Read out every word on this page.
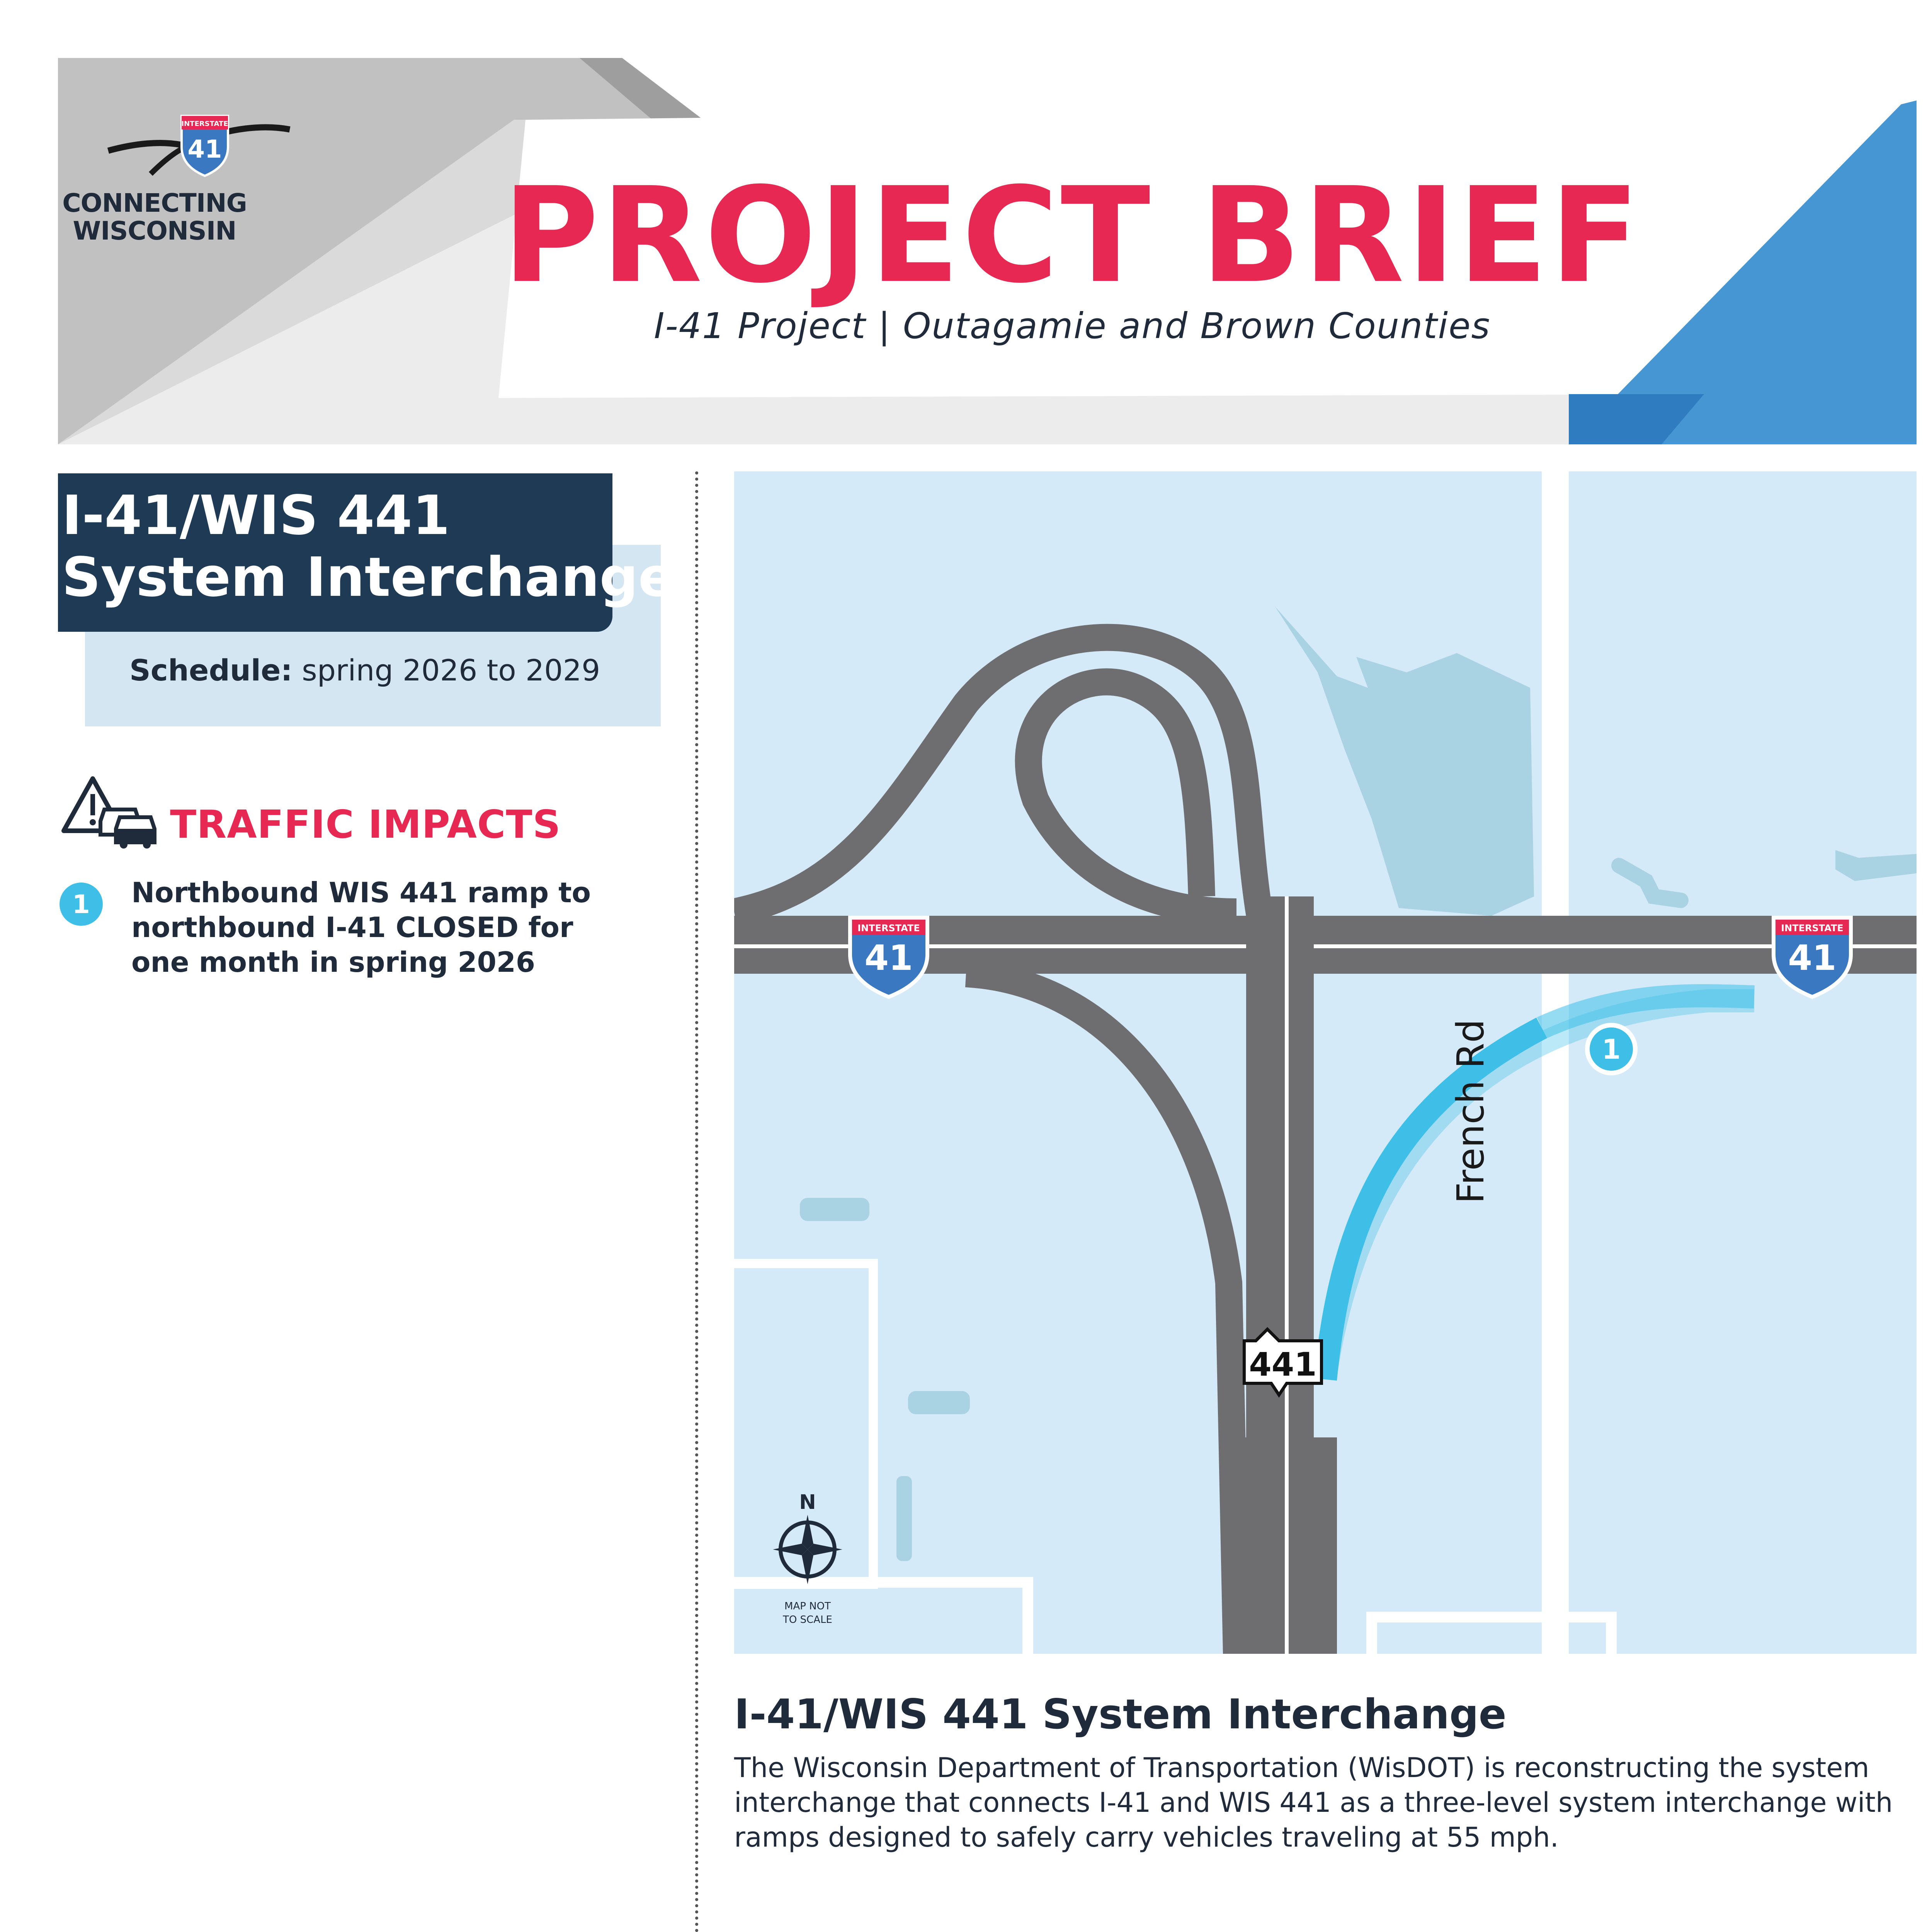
INTERSTATE
41
CONNECTING WISCONSIN PROJECT BRIEF
I-41 Project | Outagamie and Brown Counties
I-41/WIS 441
System Interchange
Schedule: spring 2026 to 2029
TRAFFIC IMPACTS
1 Northbound WIS 441 ramp to northbound I-41 CLOSED for one month in spring 2026
INTERSTATE
41
INTERSTATE
41
441
1
N
MAP NOT
TO SCALE
French Rd
I-41/WIS 441 System Interchange
The Wisconsin Department of Transportation (WisDOT) is reconstructing the system interchange that connects I-41 and WIS 441 as a three-level system interchange with ramps designed to safely carry vehicles traveling at 55 mph.
